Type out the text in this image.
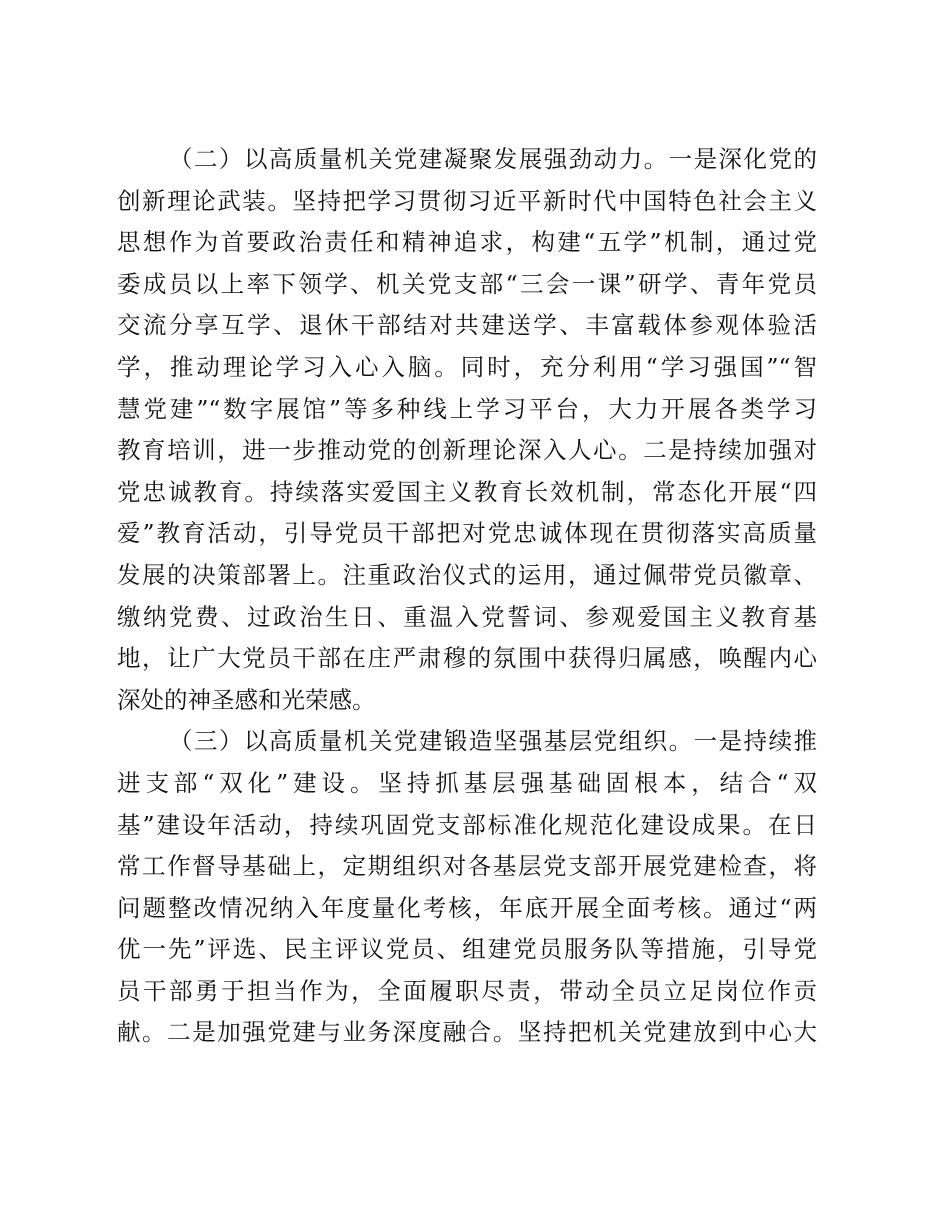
（二）以高质量机关党建凝聚发展强劲动力。一是深化党的
创新理论武装。坚持把学习贯彻习近平新时代中国特色社会主义
思想作为首要政治责任和精神追求，构建“五学”机制，通过党
委成员以上率下领学、机关党支部“三会一课”研学、青年党员
交流分享互学、退休干部结对共建送学、丰富载体参观体验活
学，推动理论学习入心入脑。同时，充分利用“学习强国”“智
慧党建”“数字展馆”等多种线上学习平台，大力开展各类学习
教育培训，进一步推动党的创新理论深入人心。二是持续加强对
党忠诚教育。持续落实爱国主义教育长效机制，常态化开展“四
爱”教育活动，引导党员干部把对党忠诚体现在贯彻落实高质量
发展的决策部署上。注重政治仪式的运用，通过佩带党员徽章、
缴纳党费、过政治生日、重温入党誓词、参观爱国主义教育基
地，让广大党员干部在庄严肃穆的氛围中获得归属感，唤醒内心
深处的神圣感和光荣感。
（三）以高质量机关党建锻造坚强基层党组织。一是持续推
进支部“双化”建设。坚持抓基层强基础固根本，结合“双
基”建设年活动，持续巩固党支部标准化规范化建设成果。在日
常工作督导基础上，定期组织对各基层党支部开展党建检查，将
问题整改情况纳入年度量化考核，年底开展全面考核。通过“两
优一先”评选、民主评议党员、组建党员服务队等措施，引导党
员干部勇于担当作为，全面履职尽责，带动全员立足岗位作贡
献。二是加强党建与业务深度融合。坚持把机关党建放到中心大
